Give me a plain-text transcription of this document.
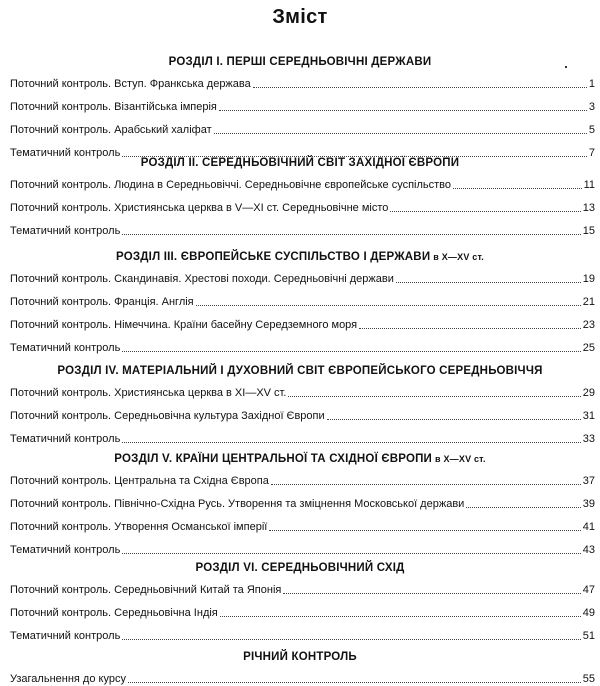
Зміст
РОЗДІЛ I. ПЕРШІ СЕРЕДНЬОВІЧНІ ДЕРЖАВИ
Поточний контроль. Вступ. Франкська держава	1
Поточний контроль. Візантійська імперія	3
Поточний контроль. Арабський халіфат	5
Тематичний контроль	7
РОЗДІЛ II. СЕРЕДНЬОВІЧНИЙ СВІТ ЗАХІДНОЇ ЄВРОПИ
Поточний контроль. Людина в Середньовіччі. Середньовічне європейське суспільство	11
Поточний контроль. Християнська церква в V—XI ст. Середньовічне місто	13
Тематичний контроль	15
РОЗДІЛ III. ЄВРОПЕЙСЬКЕ СУСПІЛЬСТВО І ДЕРЖАВИ в X—XV ст.
Поточний контроль. Скандинавія. Хрестові походи. Середньовічні держави	19
Поточний контроль. Франція. Англія	21
Поточний контроль. Німеччина. Країни басейну Середземного моря	23
Тематичний контроль	25
РОЗДІЛ IV. МАТЕРІАЛЬНИЙ І ДУХОВНИЙ СВІТ ЄВРОПЕЙСЬКОГО СЕРЕДНЬОВІЧЧЯ
Поточний контроль. Християнська церква в XI—XV ст.	29
Поточний контроль. Середньовічна культура Західної Європи	31
Тематичний контроль	33
РОЗДІЛ V. КРАЇНИ ЦЕНТРАЛЬНОЇ ТА СХІДНОЇ ЄВРОПИ в X—XV ст.
Поточний контроль. Центральна та Східна Європа	37
Поточний контроль. Північно-Східна Русь. Утворення та зміцнення Московської держави	39
Поточний контроль. Утворення Османської імперії	41
Тематичний контроль	43
РОЗДІЛ VI. СЕРЕДНЬОВІЧНИЙ СХІД
Поточний контроль. Середньовічний Китай та Японія	47
Поточний контроль. Середньовічна Індія	49
Тематичний контроль	51
РІЧНИЙ КОНТРОЛЬ
Узагальнення до курсу	55
